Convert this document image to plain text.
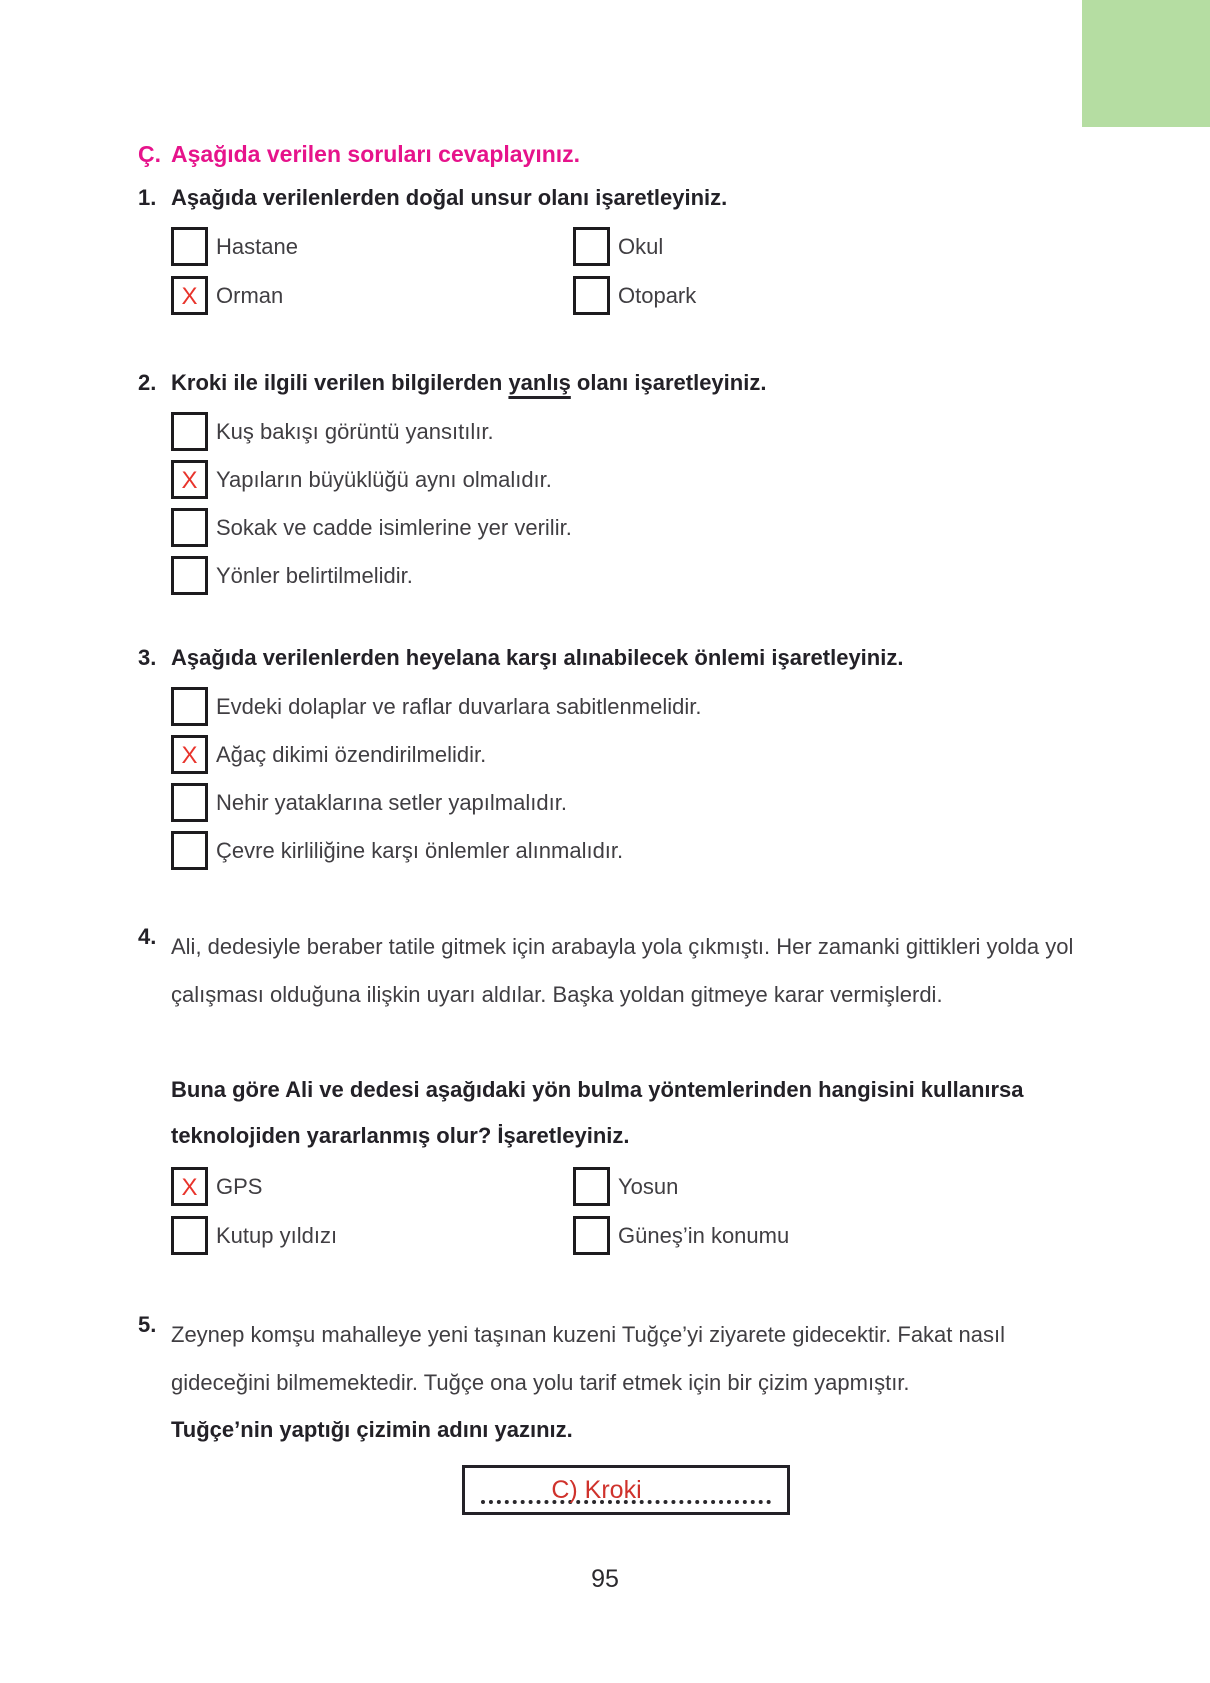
Ç. Aşağıda verilen soruları cevaplayınız.
1. Aşağıda verilenlerden doğal unsur olanı işaretleyiniz.
Hastane	Okul
X Orman	Otopark
2. Kroki ile ilgili verilen bilgilerden yanlış olanı işaretleyiniz.
Kuş bakışı görüntü yansıtılır.
X Yapıların büyüklüğü aynı olmalıdır.
Sokak ve cadde isimlerine yer verilir.
Yönler belirtilmelidir.
3. Aşağıda verilenlerden heyelana karşı alınabilecek önlemi işaretleyiniz.
Evdeki dolaplar ve raflar duvarlara sabitlenmelidir.
X Ağaç dikimi özendirilmelidir.
Nehir yataklarına setler yapılmalıdır.
Çevre kirliliğine karşı önlemler alınmalıdır.
4. Ali, dedesiyle beraber tatile gitmek için arabayla yola çıkmıştı. Her zamanki gittikleri yolda yol çalışması olduğuna ilişkin uyarı aldılar. Başka yoldan gitmeye karar vermişlerdi.
Buna göre Ali ve dedesi aşağıdaki yön bulma yöntemlerinden hangisini kullanırsa teknolojiden yararlanmış olur? İşaretleyiniz.
X GPS	Yosun
Kutup yıldızı	Güneş’in konumu
5. Zeynep komşu mahalleye yeni taşınan kuzeni Tuğçe’yi ziyarete gidecektir. Fakat nasıl gideceğini bilmemektedir. Tuğçe ona yolu tarif etmek için bir çizim yapmıştır.
Tuğçe’nin yaptığı çizimin adını yazınız.
C) Kroki
95
